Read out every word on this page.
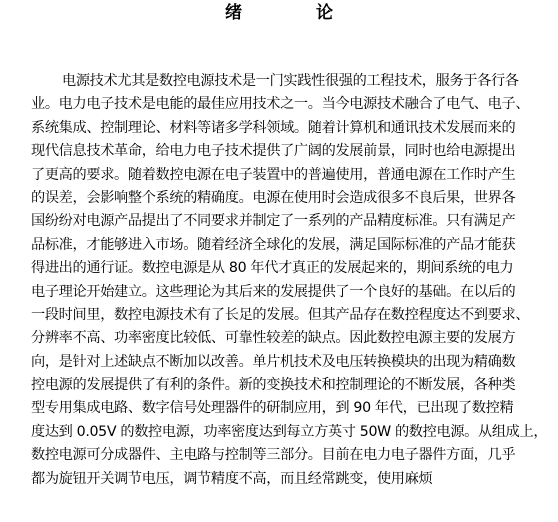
绪 论
电源技术尤其是数控电源技术是一门实践性很强的工程技术，服务于各行各
业。电力电子技术是电能的最佳应用技术之一。当今电源技术融合了电气、电子、
系统集成、控制理论、材料等诸多学科领域。随着计算机和通讯技术发展而来的
现代信息技术革命，给电力电子技术提供了广阔的发展前景，同时也给电源提出
了更高的要求。随着数控电源在电子装置中的普遍使用，普通电源在工作时产生
的误差，会影响整个系统的精确度。电源在使用时会造成很多不良后果，世界各
国纷纷对电源产品提出了不同要求并制定了一系列的产品精度标准。只有满足产
品标准，才能够进入市场。随着经济全球化的发展，满足国际标准的产品才能获
得进出的通行证。数控电源是从 80 年代才真正的发展起来的，期间系统的电力
电子理论开始建立。这些理论为其后来的发展提供了一个良好的基础。在以后的
一段时间里，数控电源技术有了长足的发展。但其产品存在数控程度达不到要求、
分辨率不高、功率密度比较低、可靠性较差的缺点。因此数控电源主要的发展方
向，是针对上述缺点不断加以改善。单片机技术及电压转换模块的出现为精确数
控电源的发展提供了有利的条件。新的变换技术和控制理论的不断发展，各种类
型专用集成电路、数字信号处理器件的研制应用，到 90 年代，已出现了数控精
度达到 0.05V 的数控电源，功率密度达到每立方英寸 50W 的数控电源。从组成上，
数控电源可分成器件、主电路与控制等三部分。目前在电力电子器件方面，几乎
都为旋钮开关调节电压，调节精度不高，而且经常跳变，使用麻烦
